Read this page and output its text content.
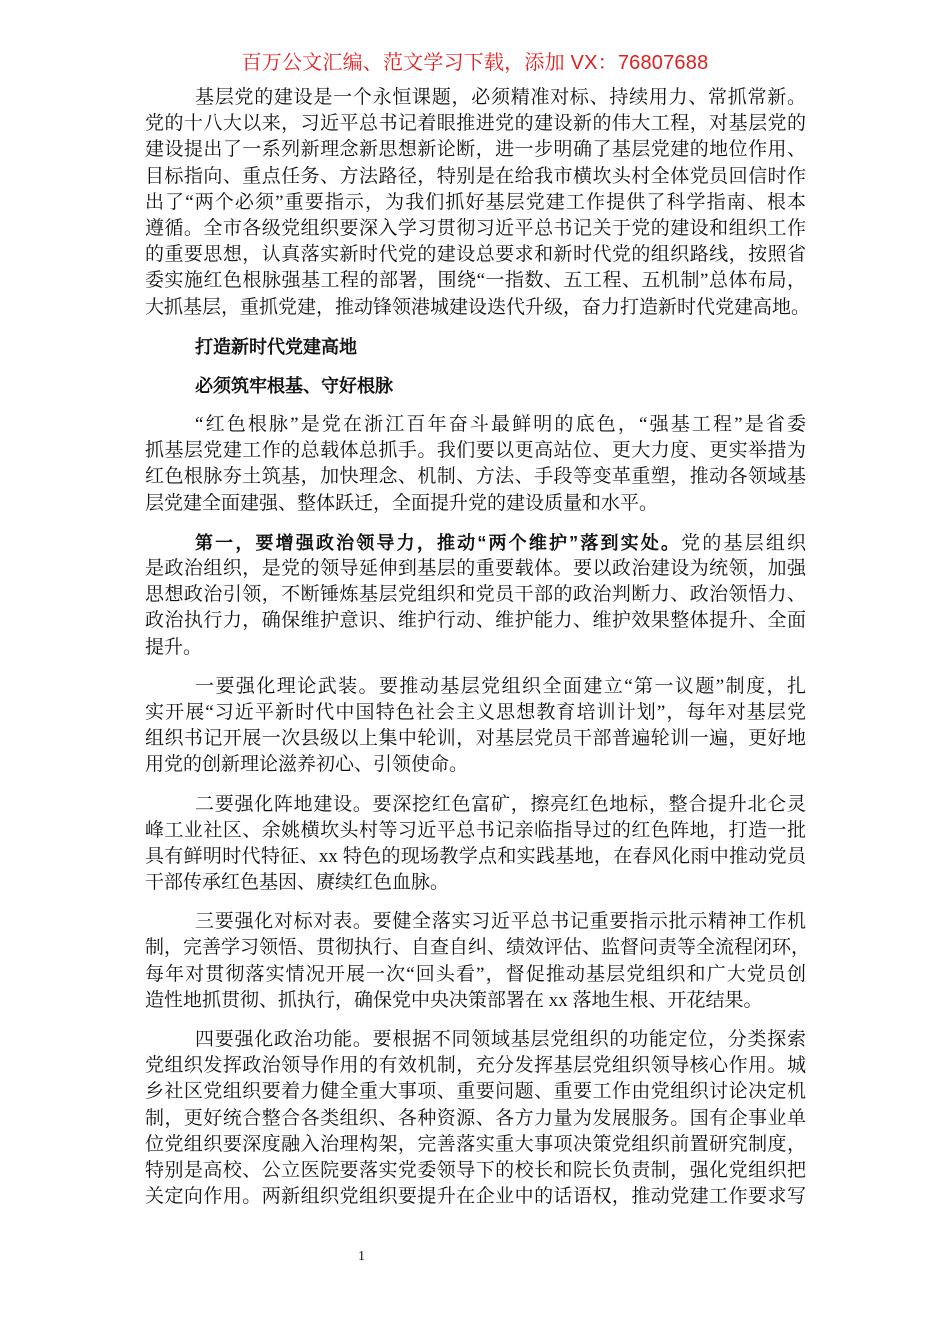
百万公文汇编、范文学习下载，添加 VX：76807688
基层党的建设是一个永恒课题，必须精准对标、持续用力、常抓常新。
党的十八大以来，习近平总书记着眼推进党的建设新的伟大工程，对基层党的
建设提出了一系列新理念新思想新论断，进一步明确了基层党建的地位作用、
目标指向、重点任务、方法路径，特别是在给我市横坎头村全体党员回信时作
出了“两个必须”重要指示，为我们抓好基层党建工作提供了科学指南、根本
遵循。全市各级党组织要深入学习贯彻习近平总书记关于党的建设和组织工作
的重要思想，认真落实新时代党的建设总要求和新时代党的组织路线，按照省
委实施红色根脉强基工程的部署，围绕“一指数、五工程、五机制”总体布局，
大抓基层，重抓党建，推动锋领港城建设迭代升级，奋力打造新时代党建高地。
打造新时代党建高地
必须筑牢根基、守好根脉
“红色根脉”是党在浙江百年奋斗最鲜明的底色，“强基工程”是省委
抓基层党建工作的总载体总抓手。我们要以更高站位、更大力度、更实举措为
红色根脉夯土筑基，加快理念、机制、方法、手段等变革重塑，推动各领域基
层党建全面建强、整体跃迁，全面提升党的建设质量和水平。
第一，要增强政治领导力，推动“两个维护”落到实处。党的基层组织
是政治组织，是党的领导延伸到基层的重要载体。要以政治建设为统领，加强
思想政治引领，不断锤炼基层党组织和党员干部的政治判断力、政治领悟力、
政治执行力，确保维护意识、维护行动、维护能力、维护效果整体提升、全面
提升。
一要强化理论武装。要推动基层党组织全面建立“第一议题”制度，扎
实开展“习近平新时代中国特色社会主义思想教育培训计划”，每年对基层党
组织书记开展一次县级以上集中轮训，对基层党员干部普遍轮训一遍，更好地
用党的创新理论滋养初心、引领使命。
二要强化阵地建设。要深挖红色富矿，擦亮红色地标，整合提升北仑灵
峰工业社区、余姚横坎头村等习近平总书记亲临指导过的红色阵地，打造一批
具有鲜明时代特征、xx 特色的现场教学点和实践基地，在春风化雨中推动党员
干部传承红色基因、赓续红色血脉。
三要强化对标对表。要健全落实习近平总书记重要指示批示精神工作机
制，完善学习领悟、贯彻执行、自查自纠、绩效评估、监督问责等全流程闭环，
每年对贯彻落实情况开展一次“回头看”，督促推动基层党组织和广大党员创
造性地抓贯彻、抓执行，确保党中央决策部署在 xx 落地生根、开花结果。
四要强化政治功能。要根据不同领域基层党组织的功能定位，分类探索
党组织发挥政治领导作用的有效机制，充分发挥基层党组织领导核心作用。城
乡社区党组织要着力健全重大事项、重要问题、重要工作由党组织讨论决定机
制，更好统合整合各类组织、各种资源、各方力量为发展服务。国有企事业单
位党组织要深度融入治理构架，完善落实重大事项决策党组织前置研究制度，
特别是高校、公立医院要落实党委领导下的校长和院长负责制，强化党组织把
关定向作用。两新组织党组织要提升在企业中的话语权，推动党建工作要求写
1
